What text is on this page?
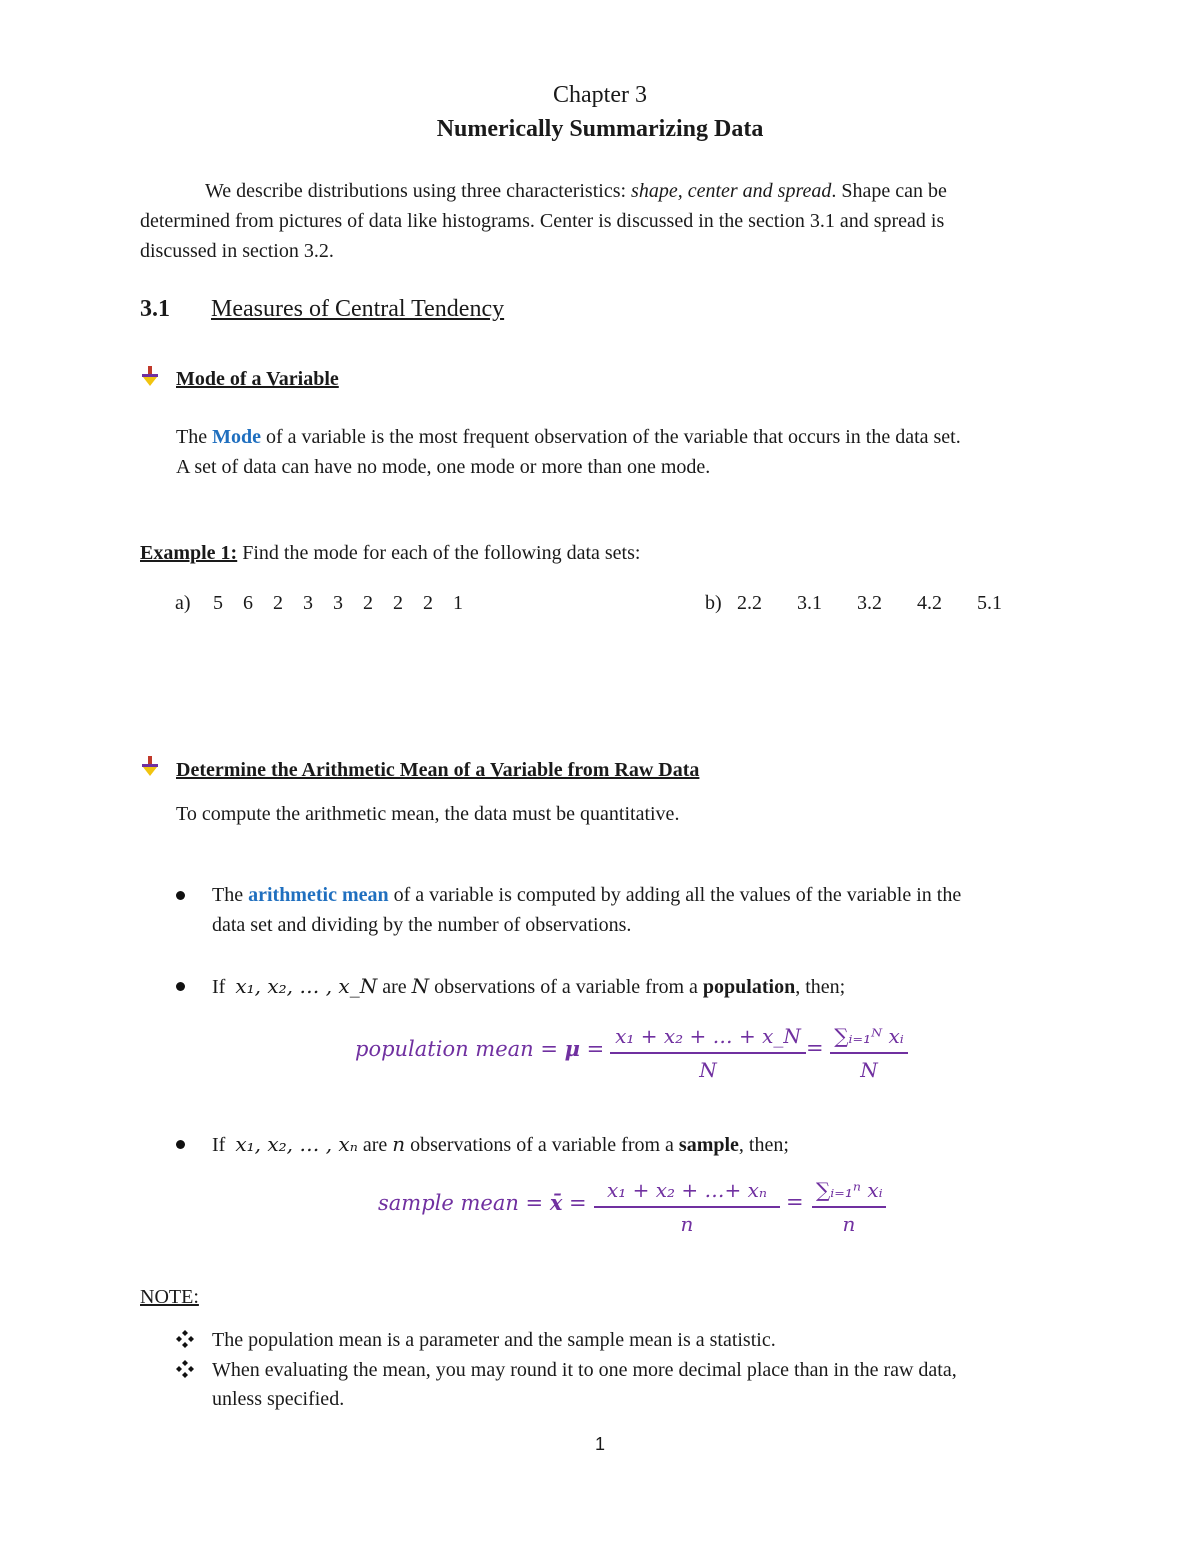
Chapter 3
Numerically Summarizing Data
We describe distributions using three characteristics: shape, center and spread. Shape can be
determined from pictures of data like histograms. Center is discussed in the section 3.1 and spread is
discussed in section 3.2.
3.1 Measures of Central Tendency
Mode of a Variable
The Mode of a variable is the most frequent observation of the variable that occurs in the data set.
A set of data can have no mode, one mode or more than one mode.
Example 1: Find the mode for each of the following data sets:
a) 5 6 2 3 3 2 2 2 1	b) 2.2 3.1 3.2 4.2 5.1
Determine the Arithmetic Mean of a Variable from Raw Data
To compute the arithmetic mean, the data must be quantitative.
The arithmetic mean of a variable is computed by adding all the values of the variable in the
data set and dividing by the number of observations.
If x₁, x₂, … , x_N are N observations of a variable from a population, then;
population mean = $\mu = \frac{\text{x₁ + x₂ + … + x\_N}}{N} = \frac{\text{∑ᵢ₌₁ᴺ xᵢ}}{N}$
If x₁, x₂, … , xₙ are n observations of a variable from a sample, then;
sample mean = x̄ = $\frac{\text{x₁ + x₂ + …+ xₙ}}{n} = \frac{\text{∑ᵢ₌₁ⁿ xᵢ}}{n}$
NOTE:
The population mean is a parameter and the sample mean is a statistic.
When evaluating the mean, you may round it to one more decimal place than in the raw data,
unless specified.
1
